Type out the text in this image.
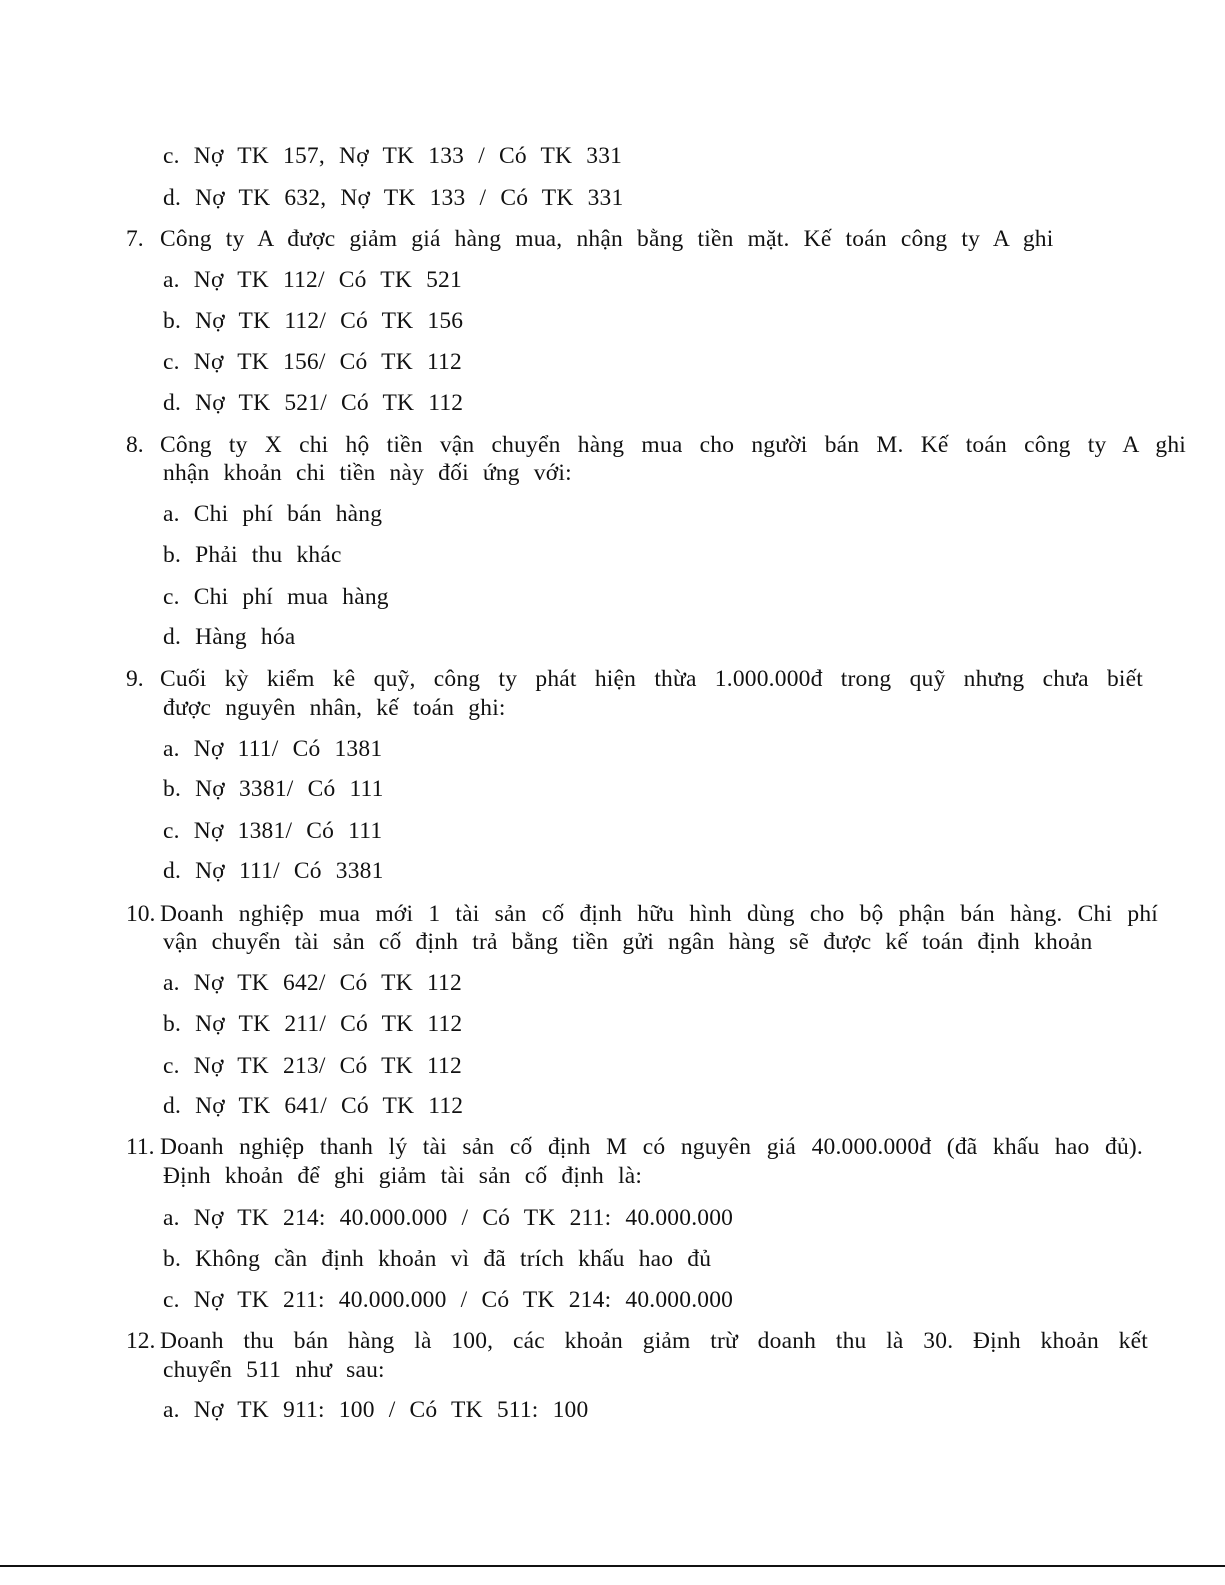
c. Nợ TK 157, Nợ TK 133 / Có TK 331
d. Nợ TK 632, Nợ TK 133 / Có TK 331
7. Công ty A được giảm giá hàng mua, nhận bằng tiền mặt. Kế toán công ty A ghi
a. Nợ TK 112/ Có TK 521
b. Nợ TK 112/ Có TK 156
c. Nợ TK 156/ Có TK 112
d. Nợ TK 521/ Có TK 112
8. Công ty X chi hộ tiền vận chuyển hàng mua cho người bán M. Kế toán công ty A ghi
nhận khoản chi tiền này đối ứng với:
a. Chi phí bán hàng
b. Phải thu khác
c. Chi phí mua hàng
d. Hàng hóa
9. Cuối kỳ kiểm kê quỹ, công ty phát hiện thừa 1.000.000đ trong quỹ nhưng chưa biết
được nguyên nhân, kế toán ghi:
a. Nợ 111/ Có 1381
b. Nợ 3381/ Có 111
c. Nợ 1381/ Có 111
d. Nợ 111/ Có 3381
10. Doanh nghiệp mua mới 1 tài sản cố định hữu hình dùng cho bộ phận bán hàng. Chi phí
vận chuyển tài sản cố định trả bằng tiền gửi ngân hàng sẽ được kế toán định khoản
a. Nợ TK 642/ Có TK 112
b. Nợ TK 211/ Có TK 112
c. Nợ TK 213/ Có TK 112
d. Nợ TK 641/ Có TK 112
11. Doanh nghiệp thanh lý tài sản cố định M có nguyên giá 40.000.000đ (đã khấu hao đủ).
Định khoản để ghi giảm tài sản cố định là:
a. Nợ TK 214: 40.000.000 / Có TK 211: 40.000.000
b. Không cần định khoản vì đã trích khấu hao đủ
c. Nợ TK 211: 40.000.000 / Có TK 214: 40.000.000
12. Doanh thu bán hàng là 100, các khoản giảm trừ doanh thu là 30. Định khoản kết
chuyển 511 như sau:
a. Nợ TK 911: 100 / Có TK 511: 100
